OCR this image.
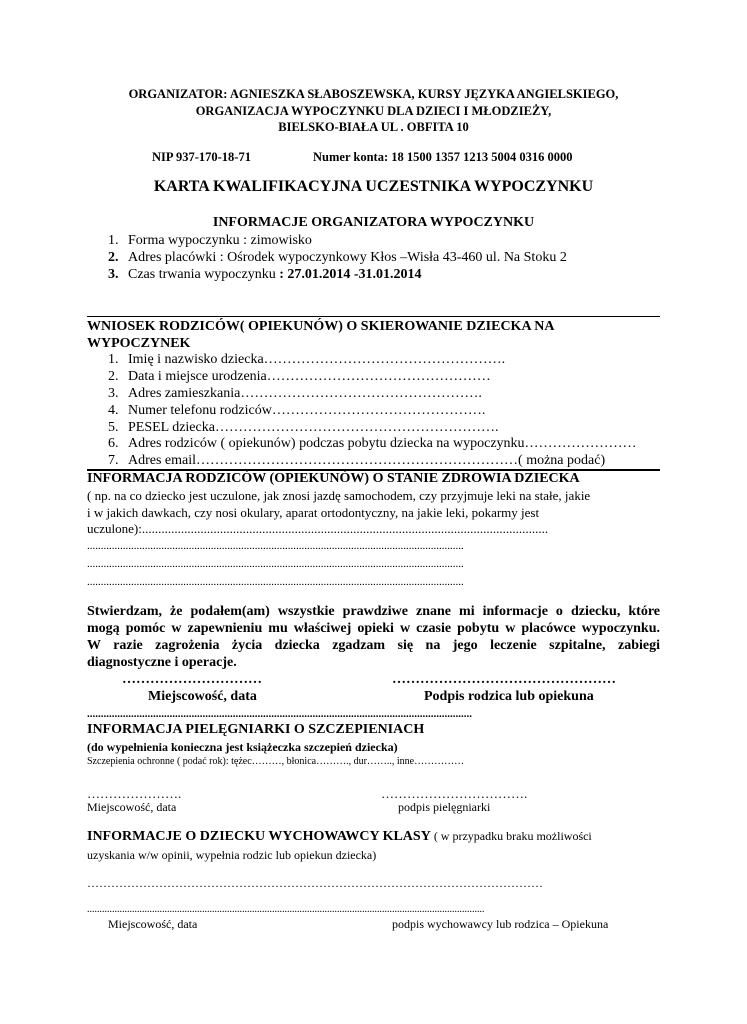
ORGANIZATOR: AGNIESZKA SŁABOSZEWSKA, KURSY JĘZYKA ANGIELSKIEGO,
ORGANIZACJA WYPOCZYNKU DLA DZIECI I MŁODZIEŻY,
BIELSKO-BIAŁA UL . OBFITA 10
NIP 937-170-18-71	Numer konta: 18 1500 1357 1213 5004 0316 0000
KARTA KWALIFIKACYJNA UCZESTNIKA WYPOCZYNKU
INFORMACJE ORGANIZATORA WYPOCZYNKU
1. Forma wypoczynku : zimowisko
2. Adres placówki : Ośrodek wypoczynkowy Kłos –Wisła 43-460 ul. Na Stoku 2
3. Czas trwania wypoczynku : 27.01.2014 -31.01.2014
WNIOSEK RODZICÓW( OPIEKUNÓW) O SKIEROWANIE DZIECKA NA
WYPOCZYNEK
1. Imię i nazwisko dziecka…………………………………………….
2. Data i miejsce urodzenia…………………………………………
3. Adres zamieszkania…………………………………………….
4. Numer telefonu rodziców……………………………………….
5. PESEL dziecka…………………………………………………….
6. Adres rodziców ( opiekunów) podczas pobytu dziecka na wypoczynku……………………
7. Adres email……………………………………………………………( można podać)
INFORMACJA RODZICÓW (OPIEKUNÓW) O STANIE ZDROWIA DZIECKA
( np. na co dziecko jest uczulone, jak znosi jazdę samochodem, czy przyjmuje leki na stałe, jakie
i w jakich dawkach, czy nosi okulary, aparat ortodontyczny, na jakie leki, pokarmy jest
uczulone):.............................................................................................................................
.........................................................................................................................................
.........................................................................................................................................
.........................................................................................................................................
Stwierdzam, że podałem(am) wszystkie prawdziwe znane mi informacje o dziecku, które
mogą pomóc w zapewnieniu mu właściwej opieki w czasie pobytu w placówce wypoczynku.
W razie zagrożenia życia dziecka zgadzam się na jego leczenie szpitalne, zabiegi
diagnostyczne i operacje.
…………………………	…………………………………………
Miejscowość, data	Podpis rodzica lub opiekuna
............................................................................................................................................
INFORMACJA PIELĘGNIARKI O SZCZEPIENIACH
(do wypełnienia konieczna jest książeczka szczepień dziecka)
Szczepienia ochronne ( podać rok): tężec………, błonica………., dur…….., inne……………
………………….	…………………………….
Miejscowość, data	podpis pielęgniarki
INFORMACJE O DZIECKU WYCHOWAWCY KLASY ( w przypadku braku możliwości
uzyskania w/w opinii, wypełnia rodzic lub opiekun dziecka)
……………………………………………………………………………………………………
...............................................................................................................................................................
Miejscowość, data	podpis wychowawcy lub rodzica – Opiekuna
